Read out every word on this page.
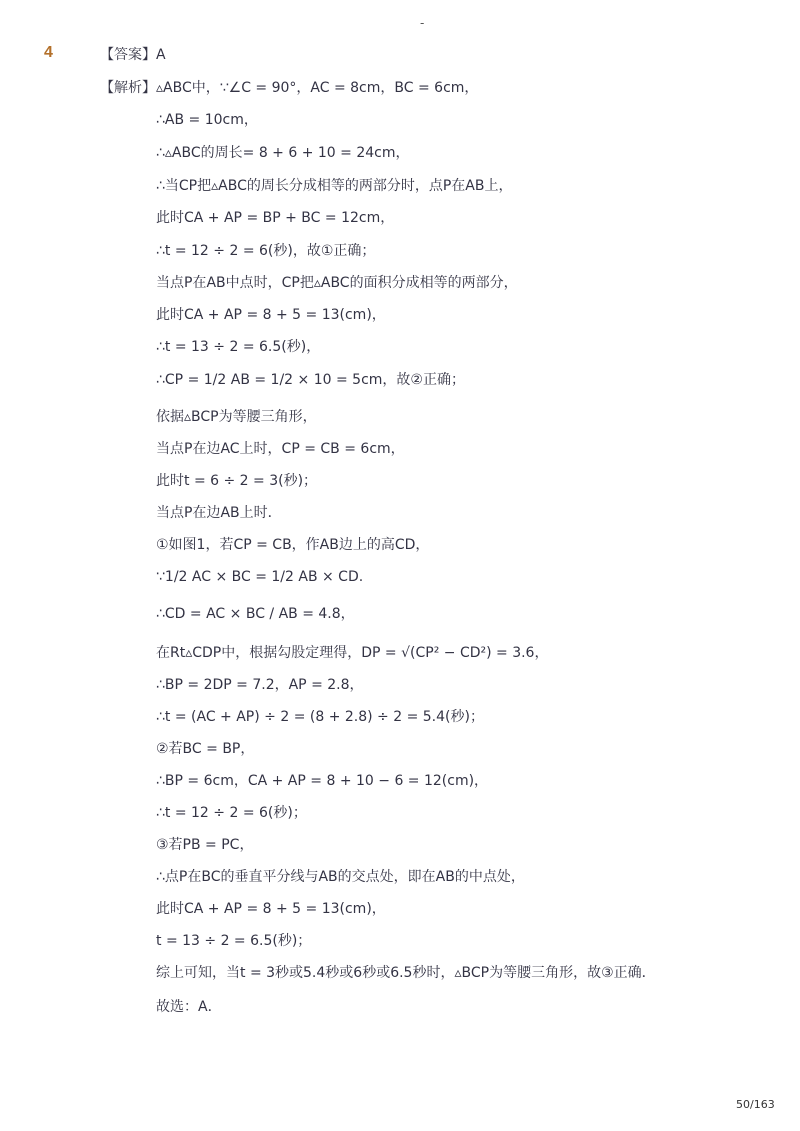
-
4	【答案】A
【解析】▵ABC中，∵∠C = 90°，AC = 8cm，BC = 6cm，
∴AB = 10cm，
∴▵ABC的周长= 8 + 6 + 10 = 24cm，
∴当CP把▵ABC的周长分成相等的两部分时，点P在AB上，
此时CA + AP = BP + BC = 12cm，
∴t = 12 ÷ 2 = 6(秒)，故①正确；
当点P在AB中点时，CP把▵ABC的面积分成相等的两部分，
此时CA + AP = 8 + 5 = 13(cm)，
∴t = 13 ÷ 2 = 6.5(秒)，
∴CP = 1/2 AB = 1/2 × 10 = 5cm，故②正确；
依据▵BCP为等腰三角形，
当点P在边AC上时，CP = CB = 6cm，
此时t = 6 ÷ 2 = 3(秒)；
当点P在边AB上时．
①如图1，若CP = CB，作AB边上的高CD，
∵1/2 AC × BC = 1/2 AB × CD.
∴CD = AC × BC / AB = 4.8，
在Rt▵CDP中，根据勾股定理得，DP = √(CP² − CD²) = 3.6，
∴BP = 2DP = 7.2，AP = 2.8，
∴t = (AC + AP) ÷ 2 = (8 + 2.8) ÷ 2 = 5.4(秒)；
②若BC = BP，
∴BP = 6cm，CA + AP = 8 + 10 − 6 = 12(cm)，
∴t = 12 ÷ 2 = 6(秒)；
③若PB = PC，
∴点P在BC的垂直平分线与AB的交点处，即在AB的中点处，
此时CA + AP = 8 + 5 = 13(cm)，
t = 13 ÷ 2 = 6.5(秒)；
综上可知，当t = 3秒或5.4秒或6秒或6.5秒时，▵BCP为等腰三角形，故③正确．
故选：A．
50/163
